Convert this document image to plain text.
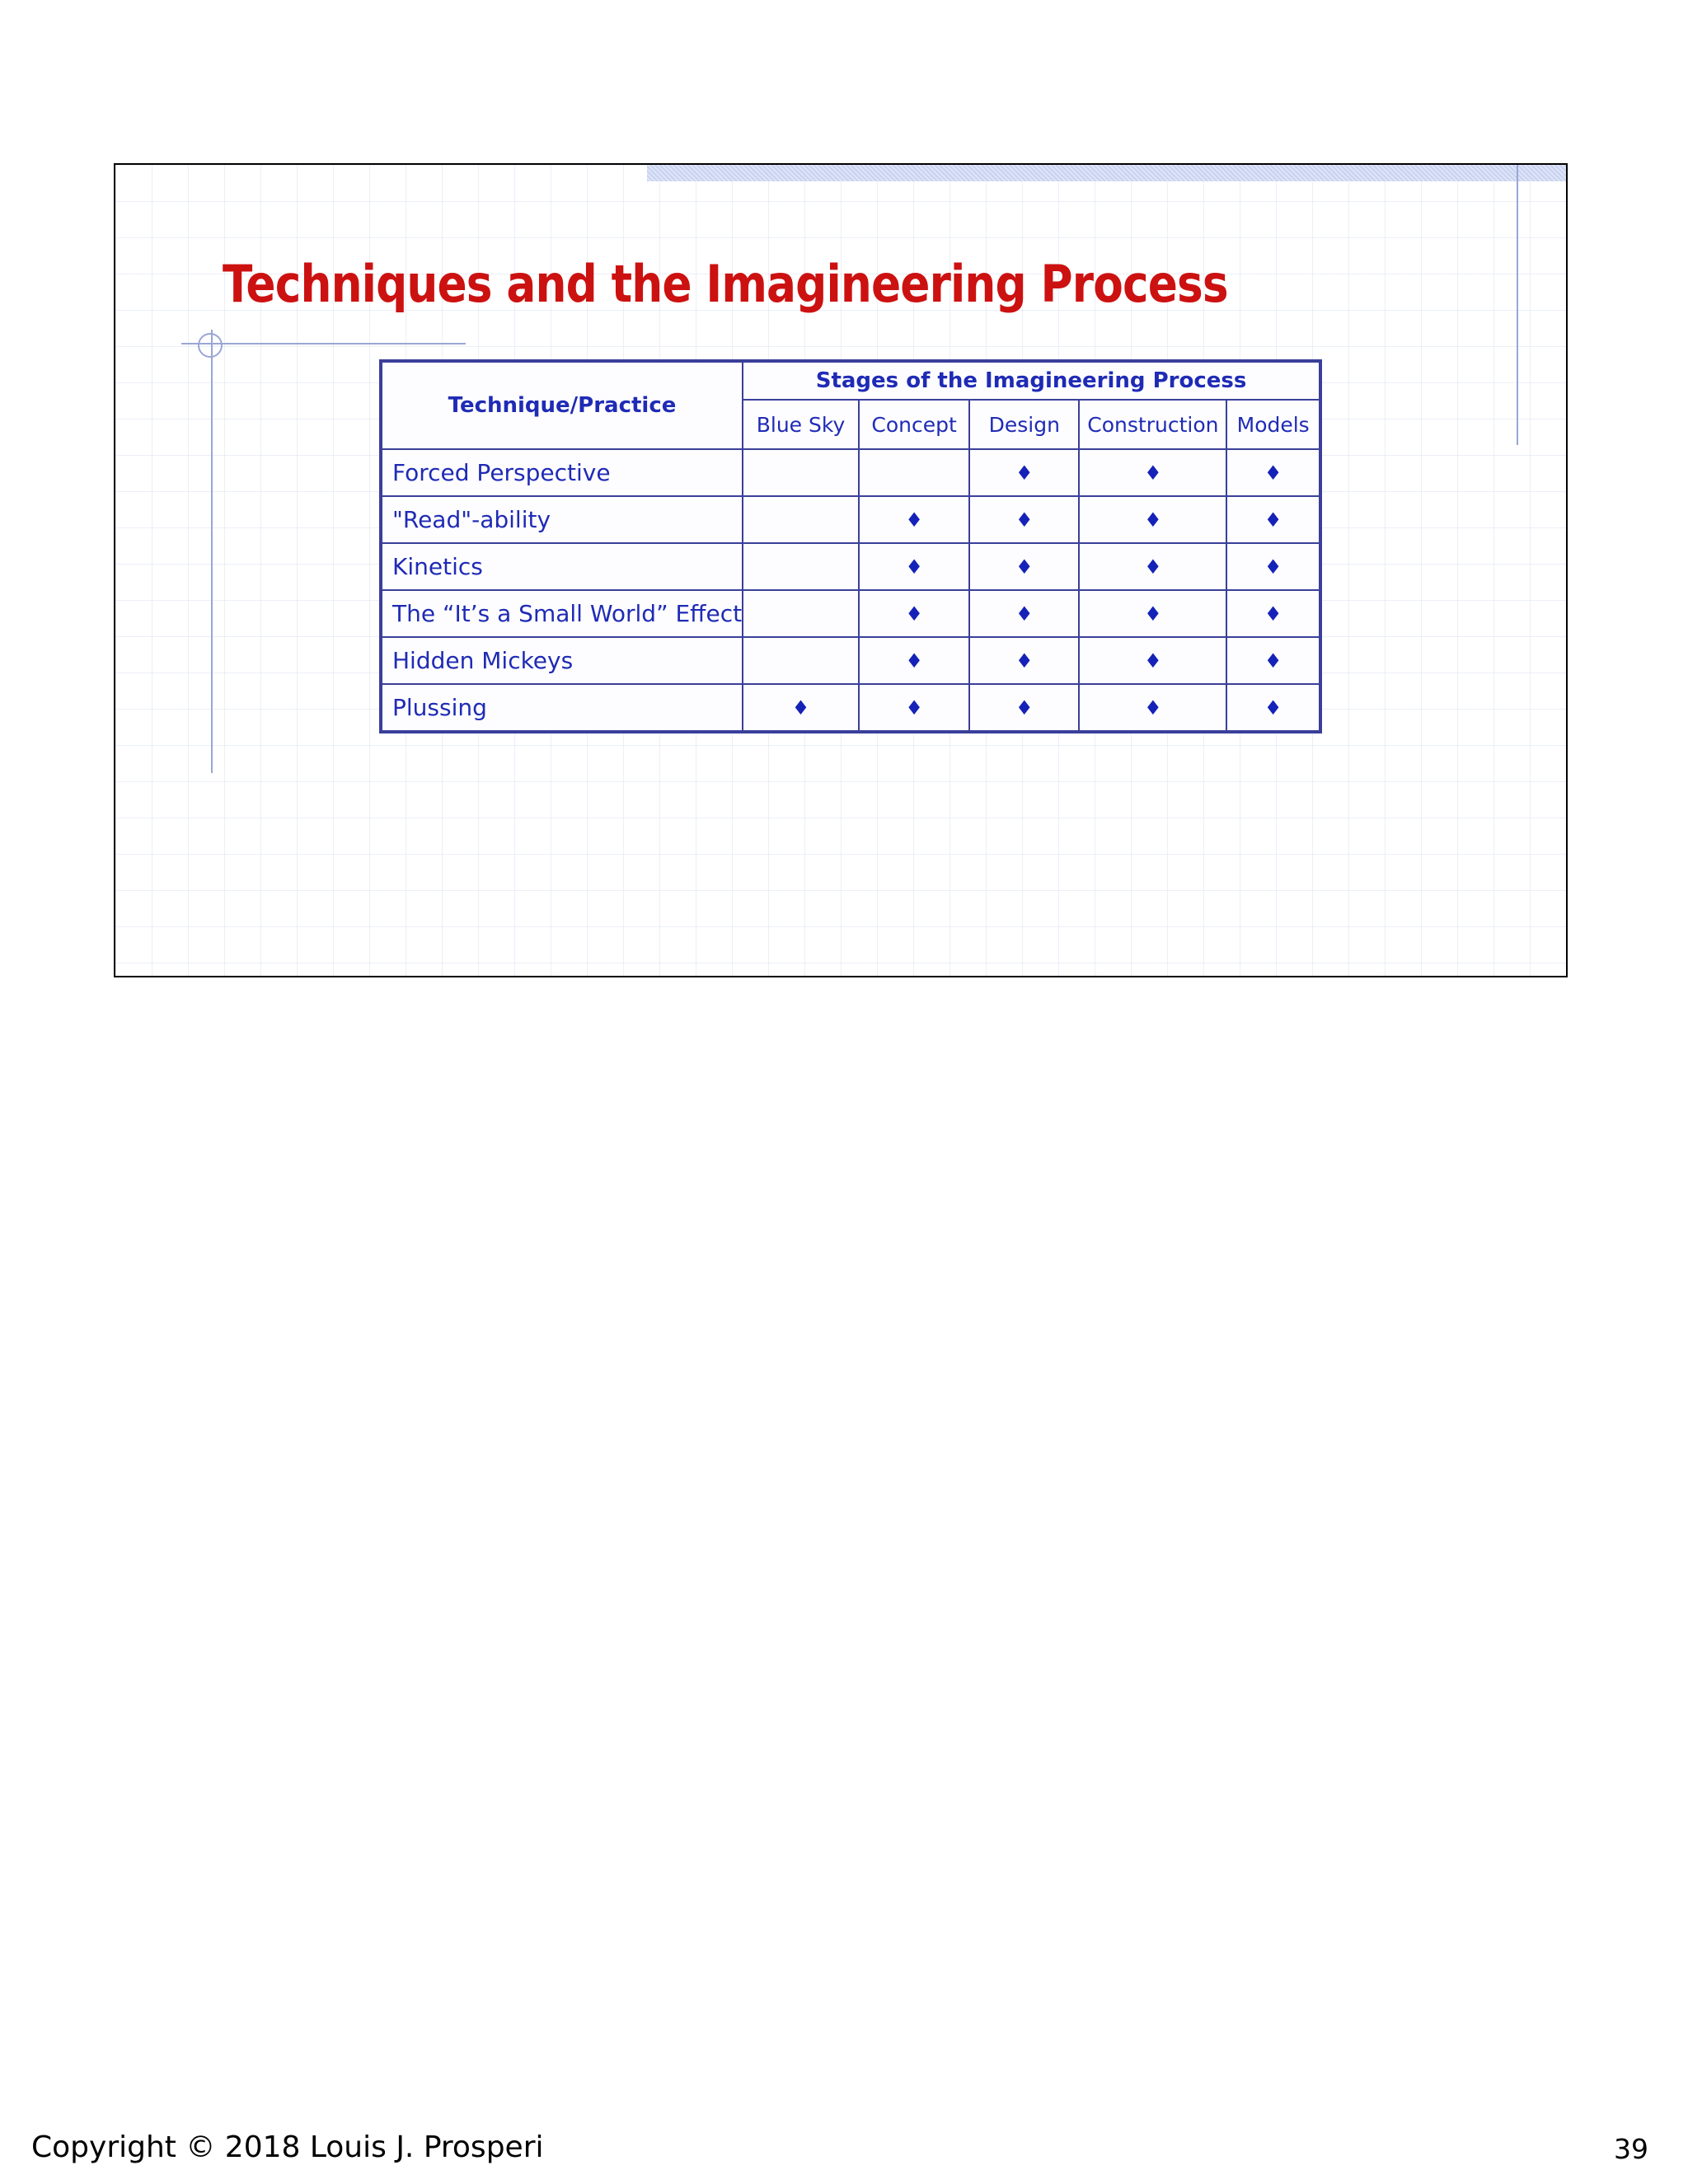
Techniques and the Imagineering Process
Technique/Practice	Stages of the Imagineering Process				
	Blue Sky	Concept	Design	Construction	Models
Forced Perspective			♦	♦	♦
"Read"-ability		♦	♦	♦	♦
Kinetics		♦	♦	♦	♦
The “It’s a Small World” Effect		♦	♦	♦	♦
Hidden Mickeys		♦	♦	♦	♦
Plussing	♦	♦	♦	♦	♦
Copyright © 2018 Louis J. Prosperi	39
